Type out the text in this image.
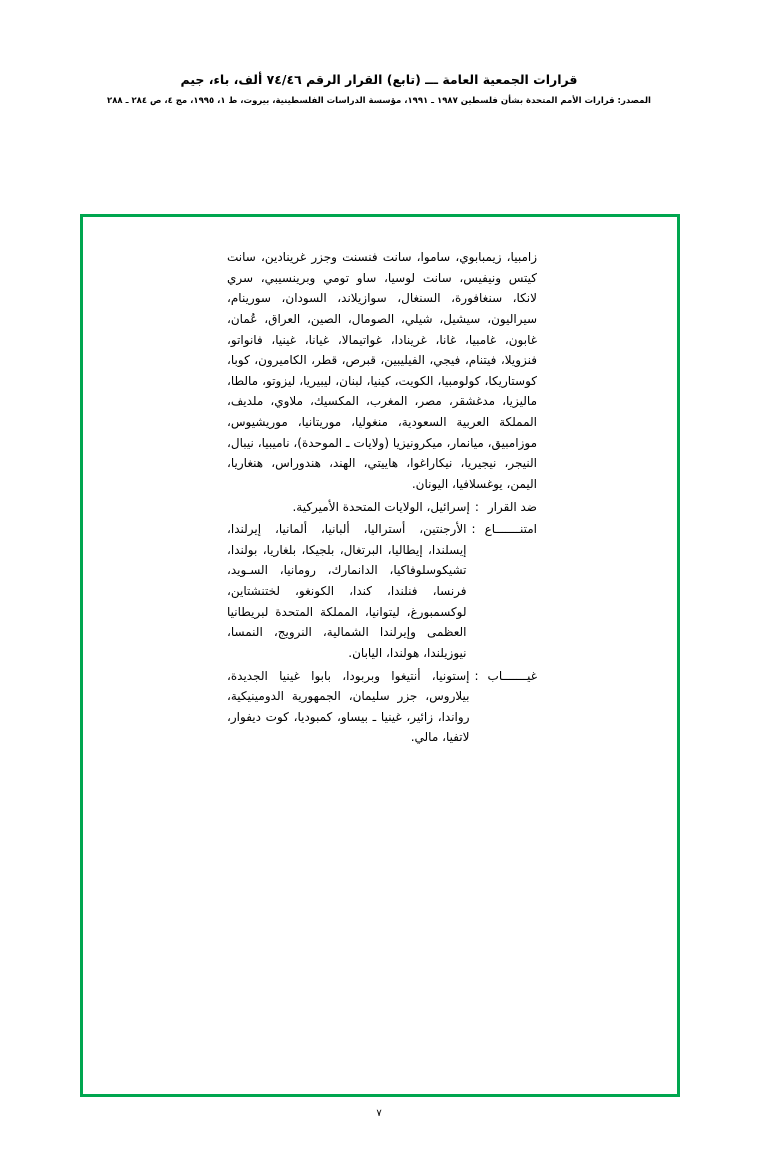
قرارات الجمعية العامة ـــ (تابع) القرار الرقم ٧٤/٤٦ ألف، باء، جيم
المصدر: قرارات الأمم المتحدة بشأن فلسطين ١٩٨٧ ـ ١٩٩١، مؤسسة الدراسات الفلسطينية، بيروت، ط ١، ١٩٩٥، مج ٤، ص ٢٨٤ ـ ٢٨٨
زامبيا، زيمبابوي، ساموا، سانت فنسنت وجزر غرينادين، سانت كيتس ونيفيس، سانت لوسيا، ساو تومي وبرينسيبي، سري لانكا، سنغافورة، السنغال، سوازيلاند، السودان، سورينام، سيراليون، سيشيل، شيلي، الصومال، الصين، العراق، عُمان، غابون، غامبيا، غانا، غرينادا، غواتيمالا، غيانا، غينيا، فانواتو، فنزويلا، فيتنام، فيجي، الفيليبين، قبرص، قطر، الكاميرون، كوبا، كوستاريكا، كولومبيا، الكويت، كينيا، لبنان، ليبيريا، ليزوتو، مالطا، ماليزيا، مدغشقر، مصر، المغرب، المكسيك، ملاوي، ملديف، المملكة العربية السعودية، منغوليا، موريتانيا، موريشيوس، موزامبيق، ميانمار، ميكرونيزيا (ولايات ـ الموحدة)، ناميبيا، نيبال، النيجر، نيجيريا، نيكاراغوا، هاييتي، الهند، هندوراس، هنغاريا، اليمن، يوغسلافيا، اليونان.
ضد القرار
:
إسرائيل، الولايات المتحدة الأميركية.
امتنـــــــاع
:
الأرجنتين، أستراليا، ألبانيا، ألمانيا، إيرلندا، إيسلندا، إيطاليا، البرتغال، بلجيكا، بلغاريا، بولندا، تشيكوسلوفاكيا، الدانمارك، رومانيا، السـويد، فرنسا، فنلندا، كندا، الكونغو، لختنشتاين، لوكسمبورغ، ليتوانيا، المملكة المتحدة لبريطانيا العظمى وإيرلندا الشمالية، النرويج، النمسا، نيوزيلندا، هولندا، اليابان.
غيـــــــاب
:
إستونيا، أنتيغوا وبربودا، بابوا غينيا الجديدة، بيلاروس، جزر سليمان، الجمهورية الدومينيكية، رواندا، زائير، غينيا ـ بيساو، كمبوديا، كوت ديفوار، لاتفيا، مالي.
٧
